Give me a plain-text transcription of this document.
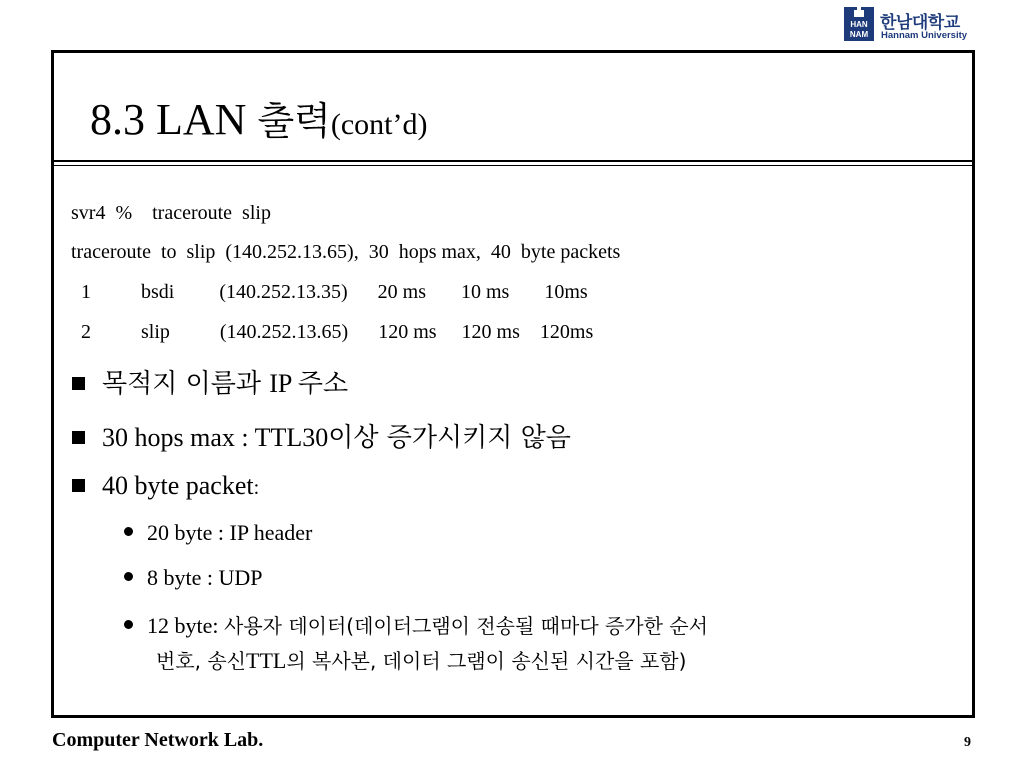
HAN
NAM
한남대학교
Hannam University
8.3 LAN 출력(cont’d)
svr4  %    traceroute  slip
traceroute  to  slip  (140.252.13.65),  30  hops max,  40  byte packets
1          bsdi         (140.252.13.35)      20 ms       10 ms       10ms
2          slip          (140.252.13.65)      120 ms     120 ms    120ms
목적지 이름과 IP 주소
30 hops max : TTL30이상 증가시키지 않음
40 byte packet:
20 byte : IP header
8 byte : UDP
12 byte: 사용자 데이터(데이터그램이 전송될 때마다 증가한 순서
번호, 송신TTL의 복사본, 데이터 그램이 송신된 시간을 포함)
Computer Network Lab.	9
